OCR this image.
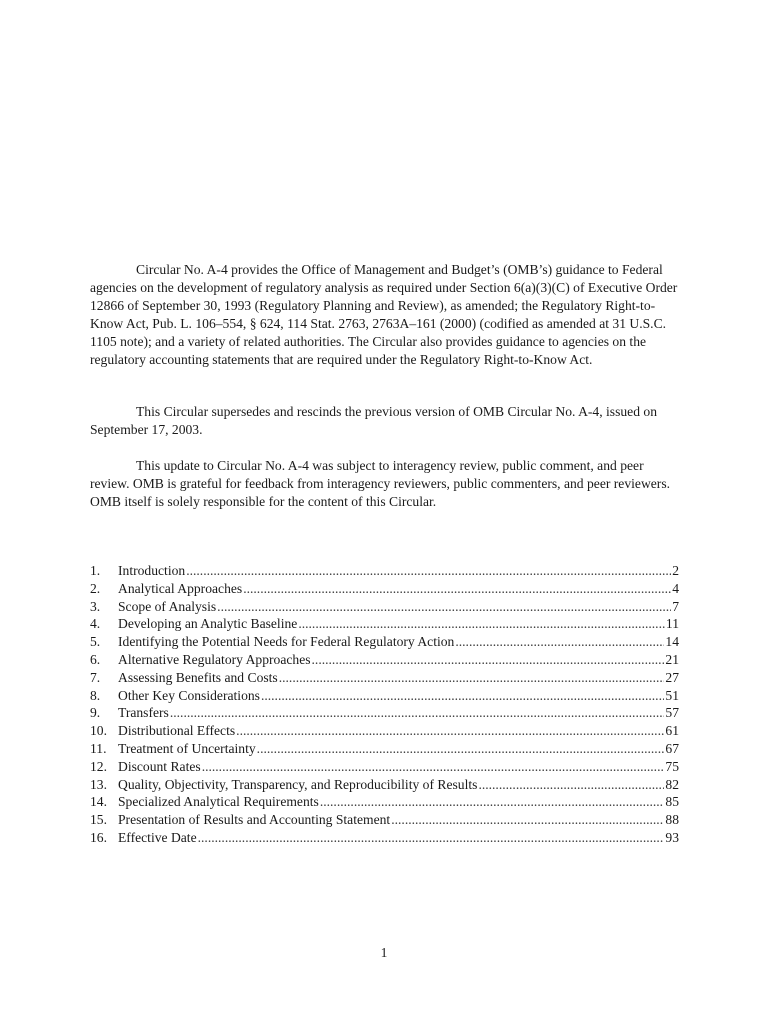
Circular No. A-4 provides the Office of Management and Budget’s (OMB’s) guidance to Federal agencies on the development of regulatory analysis as required under Section 6(a)(3)(C) of Executive Order 12866 of September 30, 1993 (Regulatory Planning and Review), as amended; the Regulatory Right-to-Know Act, Pub. L. 106–554, § 624, 114 Stat. 2763, 2763A–161 (2000) (codified as amended at 31 U.S.C. 1105 note); and a variety of related authorities. The Circular also provides guidance to agencies on the regulatory accounting statements that are required under the Regulatory Right-to-Know Act.

This Circular supersedes and rescinds the previous version of OMB Circular No. A-4, issued on September 17, 2003.

This update to Circular No. A-4 was subject to interagency review, public comment, and peer review. OMB is grateful for feedback from interagency reviewers, public commenters, and peer reviewers. OMB itself is solely responsible for the content of this Circular.

1.	Introduction .....	2
2.	Analytical Approaches .....	4
3.	Scope of Analysis .....	7
4.	Developing an Analytic Baseline .....	11
5.	Identifying the Potential Needs for Federal Regulatory Action .....	14
6.	Alternative Regulatory Approaches .....	21
7.	Assessing Benefits and Costs .....	27
8.	Other Key Considerations .....	51
9.	Transfers .....	57
10. Distributional Effects .....	61
11. Treatment of Uncertainty .....	67
12. Discount Rates .....	75
13. Quality, Objectivity, Transparency, and Reproducibility of Results .....	82
14. Specialized Analytical Requirements .....	85
15. Presentation of Results and Accounting Statement .....	88
16. Effective Date .....	93
1
